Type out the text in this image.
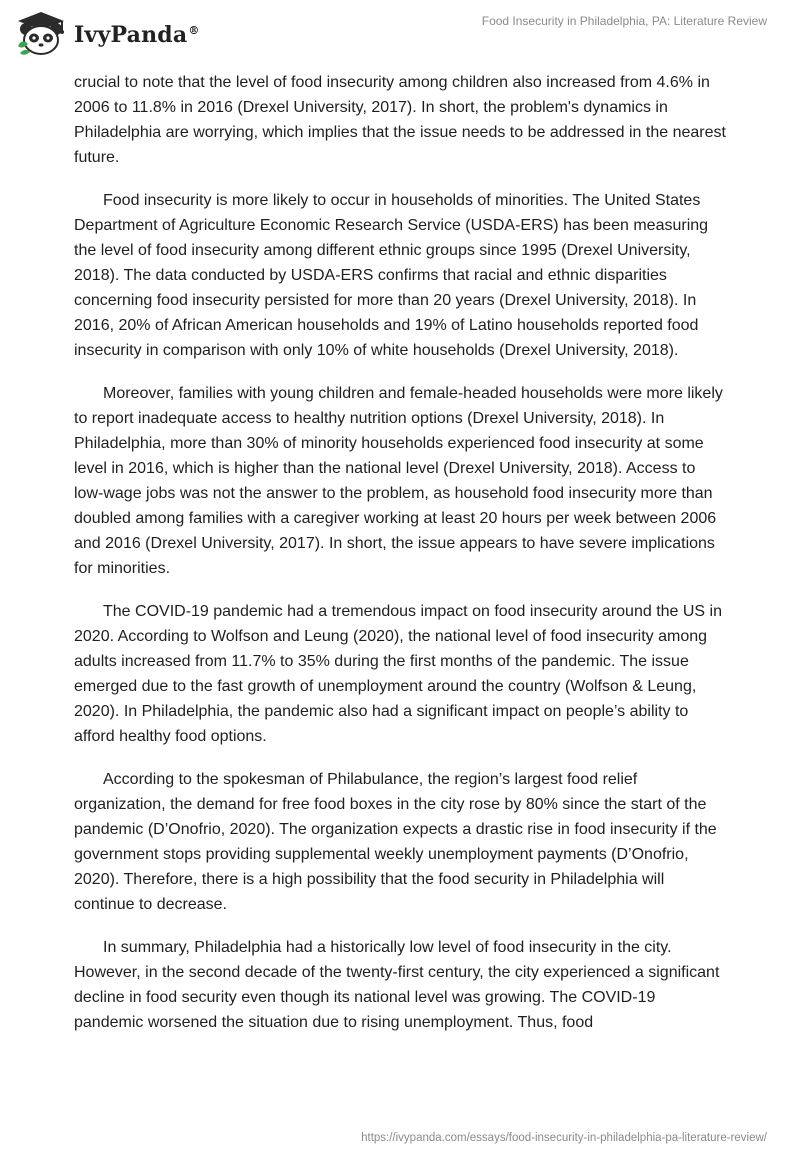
IvyPanda®
Food Insecurity in Philadelphia, PA: Literature Review

crucial to note that the level of food insecurity among children also increased from 4.6% in 2006 to 11.8% in 2016 (Drexel University, 2017). In short, the problem's dynamics in Philadelphia are worrying, which implies that the issue needs to be addressed in the nearest future.

Food insecurity is more likely to occur in households of minorities. The United States Department of Agriculture Economic Research Service (USDA-ERS) has been measuring the level of food insecurity among different ethnic groups since 1995 (Drexel University, 2018). The data conducted by USDA-ERS confirms that racial and ethnic disparities concerning food insecurity persisted for more than 20 years (Drexel University, 2018). In 2016, 20% of African American households and 19% of Latino households reported food insecurity in comparison with only 10% of white households (Drexel University, 2018).

Moreover, families with young children and female-headed households were more likely to report inadequate access to healthy nutrition options (Drexel University, 2018). In Philadelphia, more than 30% of minority households experienced food insecurity at some level in 2016, which is higher than the national level (Drexel University, 2018). Access to low-wage jobs was not the answer to the problem, as household food insecurity more than doubled among families with a caregiver working at least 20 hours per week between 2006 and 2016 (Drexel University, 2017). In short, the issue appears to have severe implications for minorities.

The COVID-19 pandemic had a tremendous impact on food insecurity around the US in 2020. According to Wolfson and Leung (2020), the national level of food insecurity among adults increased from 11.7% to 35% during the first months of the pandemic. The issue emerged due to the fast growth of unemployment around the country (Wolfson & Leung, 2020). In Philadelphia, the pandemic also had a significant impact on people’s ability to afford healthy food options.

According to the spokesman of Philabulance, the region’s largest food relief organization, the demand for free food boxes in the city rose by 80% since the start of the pandemic (D’Onofrio, 2020). The organization expects a drastic rise in food insecurity if the government stops providing supplemental weekly unemployment payments (D’Onofrio, 2020). Therefore, there is a high possibility that the food security in Philadelphia will continue to decrease.

In summary, Philadelphia had a historically low level of food insecurity in the city. However, in the second decade of the twenty-first century, the city experienced a significant decline in food security even though its national level was growing. The COVID-19 pandemic worsened the situation due to rising unemployment. Thus, food

https://ivypanda.com/essays/food-insecurity-in-philadelphia-pa-literature-review/
